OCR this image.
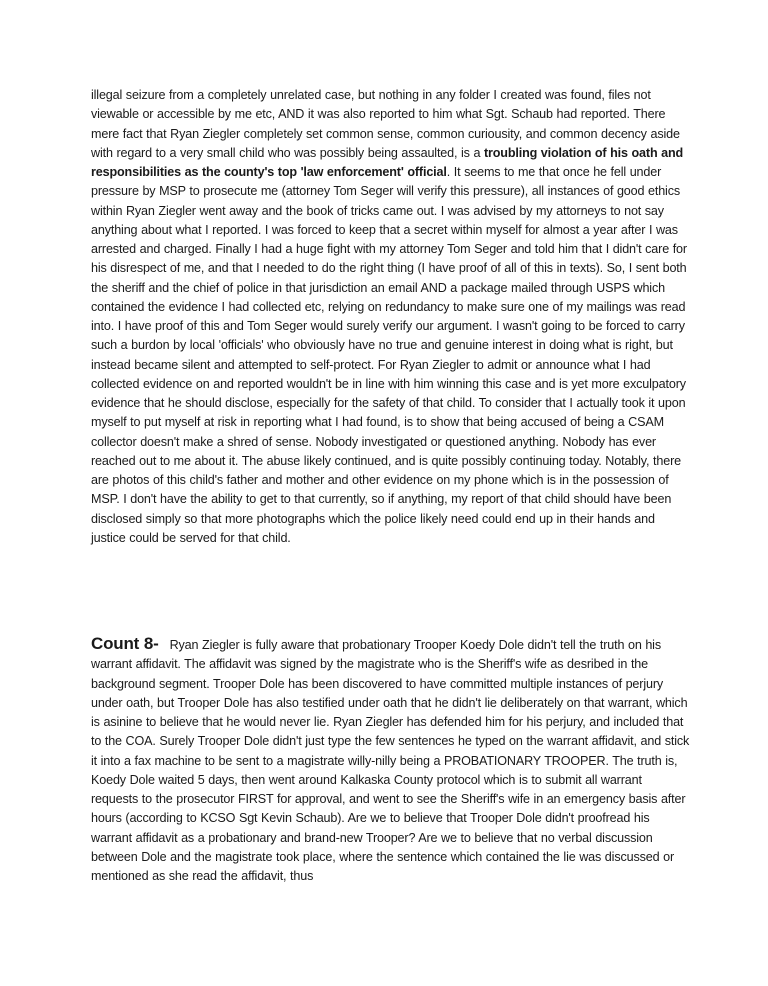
illegal seizure from a completely unrelated case, but nothing in any folder I created was found, files not viewable or accessible by me etc, AND it was also reported to him what Sgt. Schaub had reported. There mere fact that Ryan Ziegler completely set common sense, common curiousity, and common decency aside with regard to a very small child who was possibly being assaulted, is a troubling violation of his oath and responsibilities as the county's top 'law enforcement' official. It seems to me that once he fell under pressure by MSP to prosecute me (attorney Tom Seger will verify this pressure), all instances of good ethics within Ryan Ziegler went away and the book of tricks came out. I was advised by my attorneys to not say anything about what I reported. I was forced to keep that a secret within myself for almost a year after I was arrested and charged. Finally I had a huge fight with my attorney Tom Seger and told him that I didn't care for his disrespect of me, and that I needed to do the right thing (I have proof of all of this in texts). So, I sent both the sheriff and the chief of police in that jurisdiction an email AND a package mailed through USPS which contained the evidence I had collected etc, relying on redundancy to make sure one of my mailings was read into. I have proof of this and Tom Seger would surely verify our argument. I wasn't going to be forced to carry such a burdon by local 'officials' who obviously have no true and genuine interest in doing what is right, but instead became silent and attempted to self-protect. For Ryan Ziegler to admit or announce what I had collected evidence on and reported wouldn't be in line with him winning this case and is yet more exculpatory evidence that he should disclose, especially for the safety of that child. To consider that I actually took it upon myself to put myself at risk in reporting what I had found, is to show that being accused of being a CSAM collector doesn't make a shred of sense. Nobody investigated or questioned anything. Nobody has ever reached out to me about it. The abuse likely continued, and is quite possibly continuing today. Notably, there are photos of this child's father and mother and other evidence on my phone which is in the possession of MSP. I don't have the ability to get to that currently, so if anything, my report of that child should have been disclosed simply so that more photographs which the police likely need could end up in their hands and justice could be served for that child.
Count 8- Ryan Ziegler is fully aware that probationary Trooper Koedy Dole didn't tell the truth on his warrant affidavit. The affidavit was signed by the magistrate who is the Sheriff's wife as desribed in the background segment. Trooper Dole has been discovered to have committed multiple instances of perjury under oath, but Trooper Dole has also testified under oath that he didn't lie deliberately on that warrant, which is asinine to believe that he would never lie. Ryan Ziegler has defended him for his perjury, and included that to the COA. Surely Trooper Dole didn't just type the few sentences he typed on the warrant affidavit, and stick it into a fax machine to be sent to a magistrate willy-nilly being a PROBATIONARY TROOPER. The truth is, Koedy Dole waited 5 days, then went around Kalkaska County protocol which is to submit all warrant requests to the prosecutor FIRST for approval, and went to see the Sheriff's wife in an emergency basis after hours (according to KCSO Sgt Kevin Schaub). Are we to believe that Trooper Dole didn't proofread his warrant affidavit as a probationary and brand-new Trooper? Are we to believe that no verbal discussion between Dole and the magistrate took place, where the sentence which contained the lie was discussed or mentioned as she read the affidavit, thus
